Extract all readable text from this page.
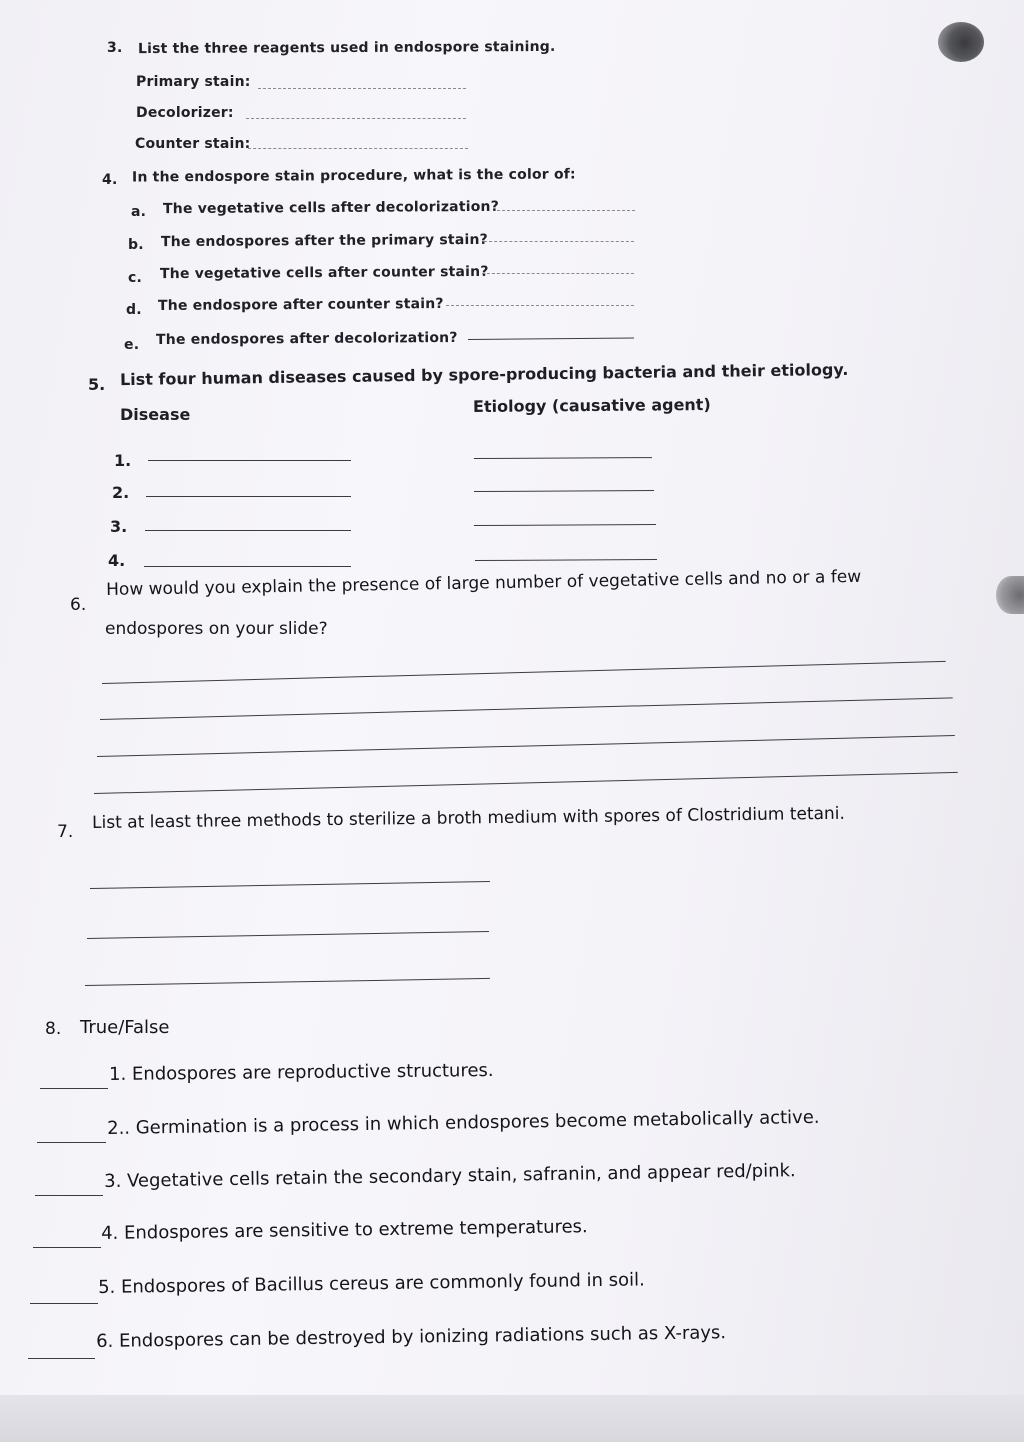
3. List the three reagents used in endospore staining.
Primary stain:
Decolorizer:
Counter stain:
4. In the endospore stain procedure, what is the color of:
a. The vegetative cells after decolorization?
b. The endospores after the primary stain?
c. The vegetative cells after counter stain?
d. The endospore after counter stain?
e. The endospores after decolorization?
5. List four human diseases caused by spore-producing bacteria and their etiology.
Disease	Etiology (causative agent)
1.
2.
3.
4.
6.
How would you explain the presence of large number of vegetative cells and no or a few
endospores on your slide?
7. List at least three methods to sterilize a broth medium with spores of Clostridium tetani.
8. True/False
1. Endospores are reproductive structures.
2.. Germination is a process in which endospores become metabolically active.
3. Vegetative cells retain the secondary stain, safranin, and appear red/pink.
4. Endospores are sensitive to extreme temperatures.
5. Endospores of Bacillus cereus are commonly found in soil.
6. Endospores can be destroyed by ionizing radiations such as X-rays.
